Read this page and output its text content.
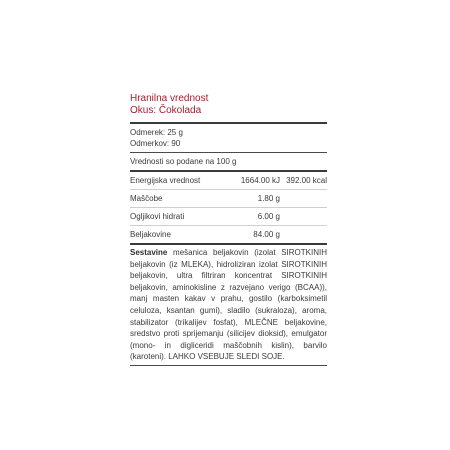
Hranilna vrednost
Okus: Čokolada
Odmerek: 25 g
Odmerkov: 90
Vrednosti so podane na 100 g
Energijska vrednost	1664.00 kJ 392.00 kcal
Maščobe	1.80 g
Ogljikovi hidrati	6.00 g
Beljakovine	84.00 g
Sestavine mešanica beljakovin (izolat SIROTKINIH beljakovin (iz MLEKA), hidroliziran izolat SIROTKINIH beljakovin, ultra filtriran koncentrat SIROTKINIH beljakovin, aminokisline z razvejano verigo (BCAA)), manj masten kakav v prahu, gostilo (karboksimetil celuloza, ksantan gumi), sladilo (sukraloza), aroma, stabilizator (trikalijev fosfat), MLEČNE beljakovine, sredstvo proti sprijemanju (silicijev dioksid), emulgator (mono- in digliceridi maščobnih kislin), barvilo (karoteni). LAHKO VSEBUJE SLEDI SOJE.
